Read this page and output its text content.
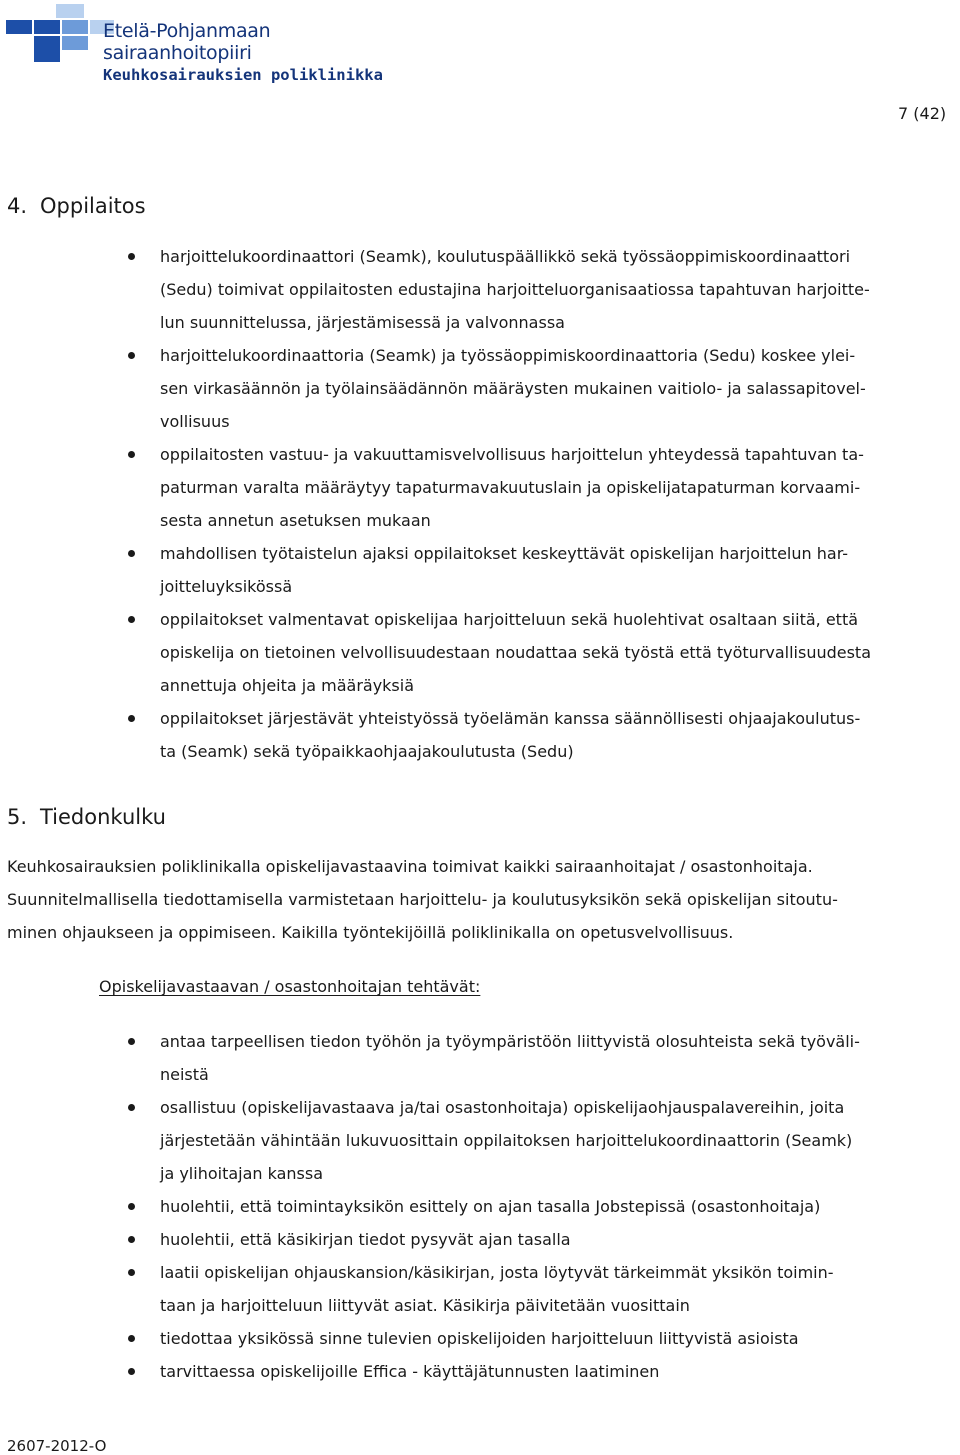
Etelä-Pohjanmaan
sairaanhoitopiiri
Keuhkosairauksien poliklinikka
7 (42)
4. Oppilaitos
harjoittelukoordinaattori (Seamk), koulutuspäällikkö sekä työssäoppimiskoordinaattori
(Sedu) toimivat oppilaitosten edustajina harjoitteluorganisaatiossa tapahtuvan harjoitte-
lun suunnittelussa, järjestämisessä ja valvonnassa
harjoittelukoordinaattoria (Seamk) ja työssäoppimiskoordinaattoria (Sedu) koskee ylei-
sen virkasäännön ja työlainsäädännön määräysten mukainen vaitiolo- ja salassapitovel-
vollisuus
oppilaitosten vastuu- ja vakuuttamisvelvollisuus harjoittelun yhteydessä tapahtuvan ta-
paturman varalta määräytyy tapaturmavakuutuslain ja opiskelijatapaturman korvaami-
sesta annetun asetuksen mukaan
mahdollisen työtaistelun ajaksi oppilaitokset keskeyttävät opiskelijan harjoittelun har-
joitteluyksikössä
oppilaitokset valmentavat opiskelijaa harjoitteluun sekä huolehtivat osaltaan siitä, että
opiskelija on tietoinen velvollisuudestaan noudattaa sekä työstä että työturvallisuudesta
annettuja ohjeita ja määräyksiä
oppilaitokset järjestävät yhteistyössä työelämän kanssa säännöllisesti ohjaajakoulutus-
ta (Seamk) sekä työpaikkaohjaajakoulutusta (Sedu)
5. Tiedonkulku
Keuhkosairauksien poliklinikalla opiskelijavastaavina toimivat kaikki sairaanhoitajat / osastonhoitaja.
Suunnitelmallisella tiedottamisella varmistetaan harjoittelu- ja koulutusyksikön sekä opiskelijan sitoutu-
minen ohjaukseen ja oppimiseen. Kaikilla työntekijöillä poliklinikalla on opetusvelvollisuus.
Opiskelijavastaavan / osastonhoitajan tehtävät:
antaa tarpeellisen tiedon työhön ja työympäristöön liittyvistä olosuhteista sekä työväli-
neistä
osallistuu (opiskelijavastaava ja/tai osastonhoitaja) opiskelijaohjauspalavereihin, joita
järjestetään vähintään lukuvuosittain oppilaitoksen harjoittelukoordinaattorin (Seamk)
ja ylihoitajan kanssa
huolehtii, että toimintayksikön esittely on ajan tasalla Jobstepissä (osastonhoitaja)
huolehtii, että käsikirjan tiedot pysyvät ajan tasalla
laatii opiskelijan ohjauskansion/käsikirjan, josta löytyvät tärkeimmät yksikön toimin-
taan ja harjoitteluun liittyvät asiat. Käsikirja päivitetään vuosittain
tiedottaa yksikössä sinne tulevien opiskelijoiden harjoitteluun liittyvistä asioista
tarvittaessa opiskelijoille Effica - käyttäjätunnusten laatiminen
2607-2012-O
